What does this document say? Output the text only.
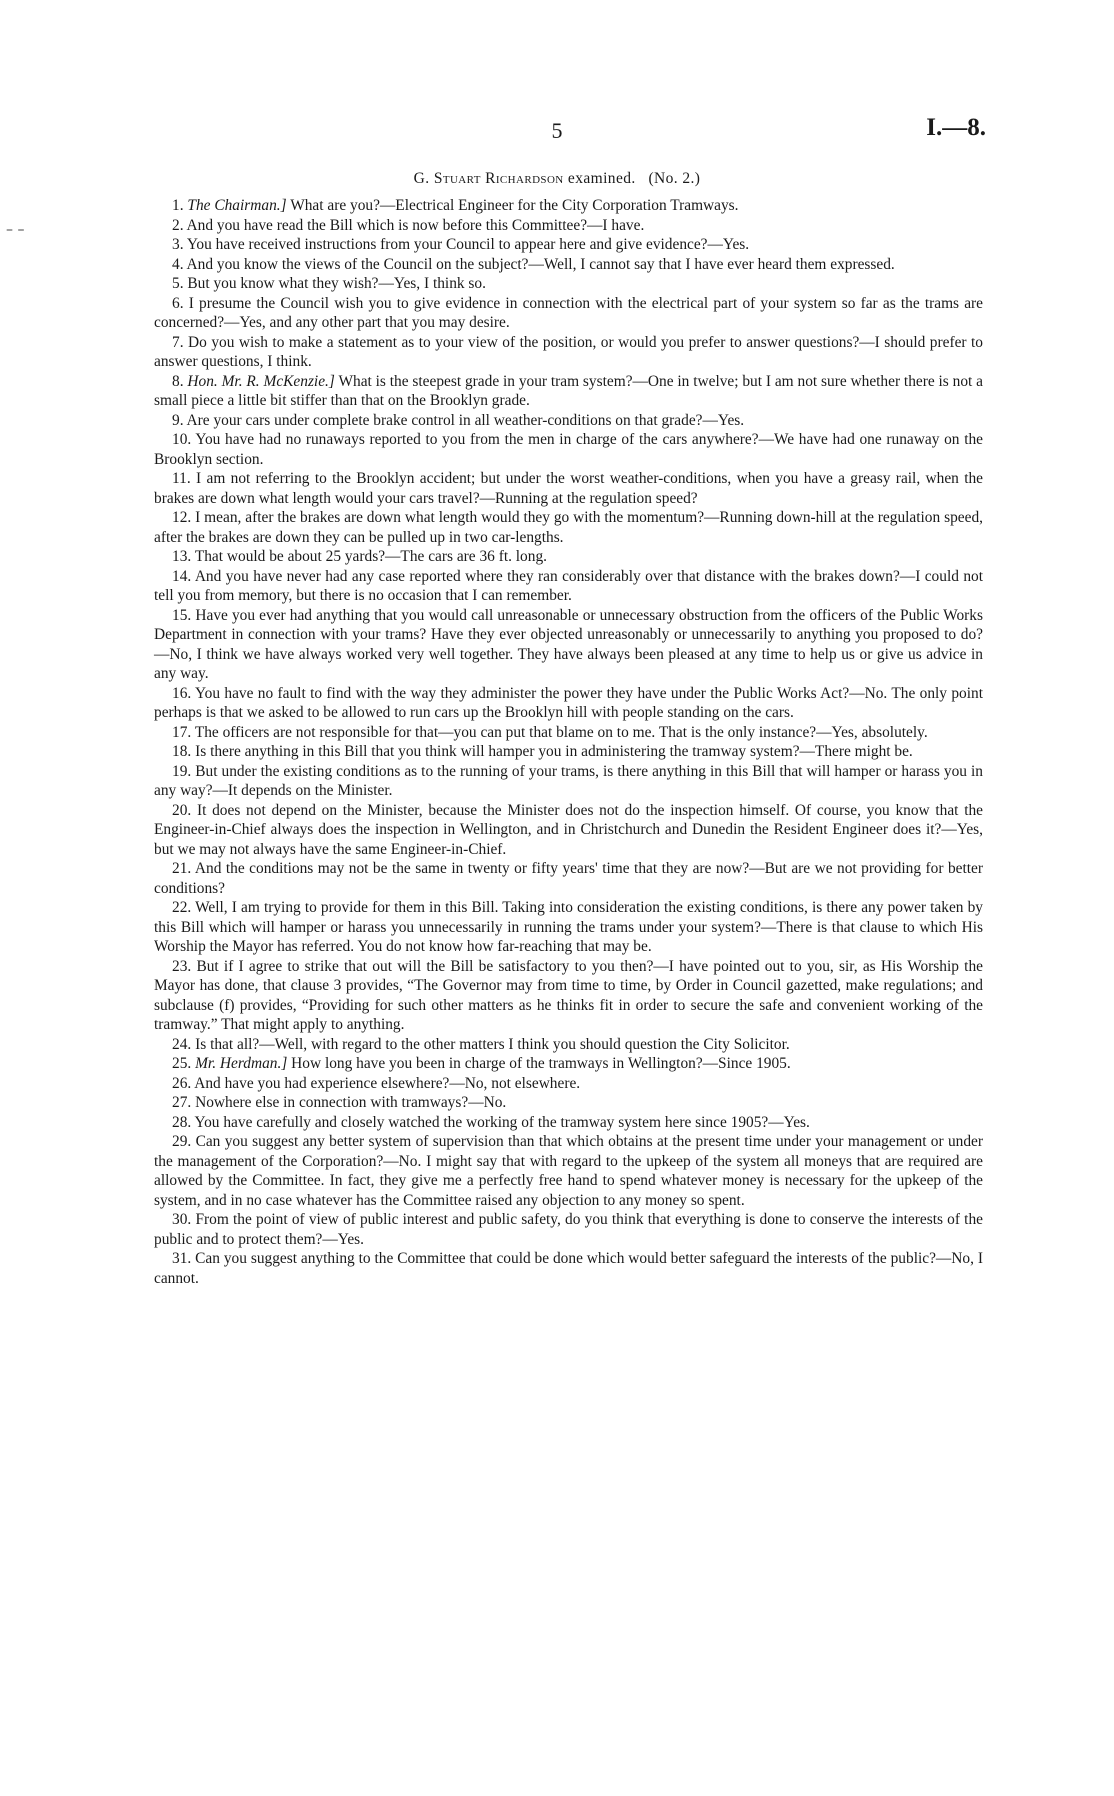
5	I.—8.
G. Stuart Richardson examined. (No. 2.)

1. The Chairman.] What are you?—Electrical Engineer for the City Corporation Tramways.

2. And you have read the Bill which is now before this Committee?—I have.

3. You have received instructions from your Council to appear here and give evidence?—Yes.

4. And you know the views of the Council on the subject?—Well, I cannot say that I have ever heard them expressed.

5. But you know what they wish?—Yes, I think so.

6. I presume the Council wish you to give evidence in connection with the electrical part of your system so far as the trams are concerned?—Yes, and any other part that you may desire.

7. Do you wish to make a statement as to your view of the position, or would you prefer to answer questions?—I should prefer to answer questions, I think.

8. Hon. Mr. R. McKenzie.] What is the steepest grade in your tram system?—One in twelve; but I am not sure whether there is not a small piece a little bit stiffer than that on the Brooklyn grade.

9. Are your cars under complete brake control in all weather-conditions on that grade?—Yes.

10. You have had no runaways reported to you from the men in charge of the cars anywhere?—We have had one runaway on the Brooklyn section.

11. I am not referring to the Brooklyn accident; but under the worst weather-conditions, when you have a greasy rail, when the brakes are down what length would your cars travel?—Running at the regulation speed?

12. I mean, after the brakes are down what length would they go with the momentum?—Running down-hill at the regulation speed, after the brakes are down they can be pulled up in two car-lengths.

13. That would be about 25 yards?—The cars are 36 ft. long.

14. And you have never had any case reported where they ran considerably over that distance with the brakes down?—I could not tell you from memory, but there is no occasion that I can remember.

15. Have you ever had anything that you would call unreasonable or unnecessary obstruction from the officers of the Public Works Department in connection with your trams? Have they ever objected unreasonably or unnecessarily to anything you proposed to do?—No, I think we have always worked very well together. They have always been pleased at any time to help us or give us advice in any way.

16. You have no fault to find with the way they administer the power they have under the Public Works Act?—No. The only point perhaps is that we asked to be allowed to run cars up the Brooklyn hill with people standing on the cars.

17. The officers are not responsible for that—you can put that blame on to me. That is the only instance?—Yes, absolutely.

18. Is there anything in this Bill that you think will hamper you in administering the tramway system?—There might be.

19. But under the existing conditions as to the running of your trams, is there anything in this Bill that will hamper or harass you in any way?—It depends on the Minister.

20. It does not depend on the Minister, because the Minister does not do the inspection himself. Of course, you know that the Engineer-in-Chief always does the inspection in Wellington, and in Christchurch and Dunedin the Resident Engineer does it?—Yes, but we may not always have the same Engineer-in-Chief.

21. And the conditions may not be the same in twenty or fifty years' time that they are now?—But are we not providing for better conditions?

22. Well, I am trying to provide for them in this Bill. Taking into consideration the existing conditions, is there any power taken by this Bill which will hamper or harass you unnecessarily in running the trams under your system?—There is that clause to which His Worship the Mayor has referred. You do not know how far-reaching that may be.

23. But if I agree to strike that out will the Bill be satisfactory to you then?—I have pointed out to you, sir, as His Worship the Mayor has done, that clause 3 provides, “The Governor may from time to time, by Order in Council gazetted, make regulations; and subclause (f) provides, “Providing for such other matters as he thinks fit in order to secure the safe and convenient working of the tramway.” That might apply to anything.

24. Is that all?—Well, with regard to the other matters I think you should question the City Solicitor.

25. Mr. Herdman.] How long have you been in charge of the tramways in Wellington?—Since 1905.

26. And have you had experience elsewhere?—No, not elsewhere.

27. Nowhere else in connection with tramways?—No.

28. You have carefully and closely watched the working of the tramway system here since 1905?—Yes.

29. Can you suggest any better system of supervision than that which obtains at the present time under your management or under the management of the Corporation?—No. I might say that with regard to the upkeep of the system all moneys that are required are allowed by the Committee. In fact, they give me a perfectly free hand to spend whatever money is necessary for the upkeep of the system, and in no case whatever has the Committee raised any objection to any money so spent.

30. From the point of view of public interest and public safety, do you think that everything is done to conserve the interests of the public and to protect them?—Yes.

31. Can you suggest anything to the Committee that could be done which would better safeguard the interests of the public?—No, I cannot.

– –
